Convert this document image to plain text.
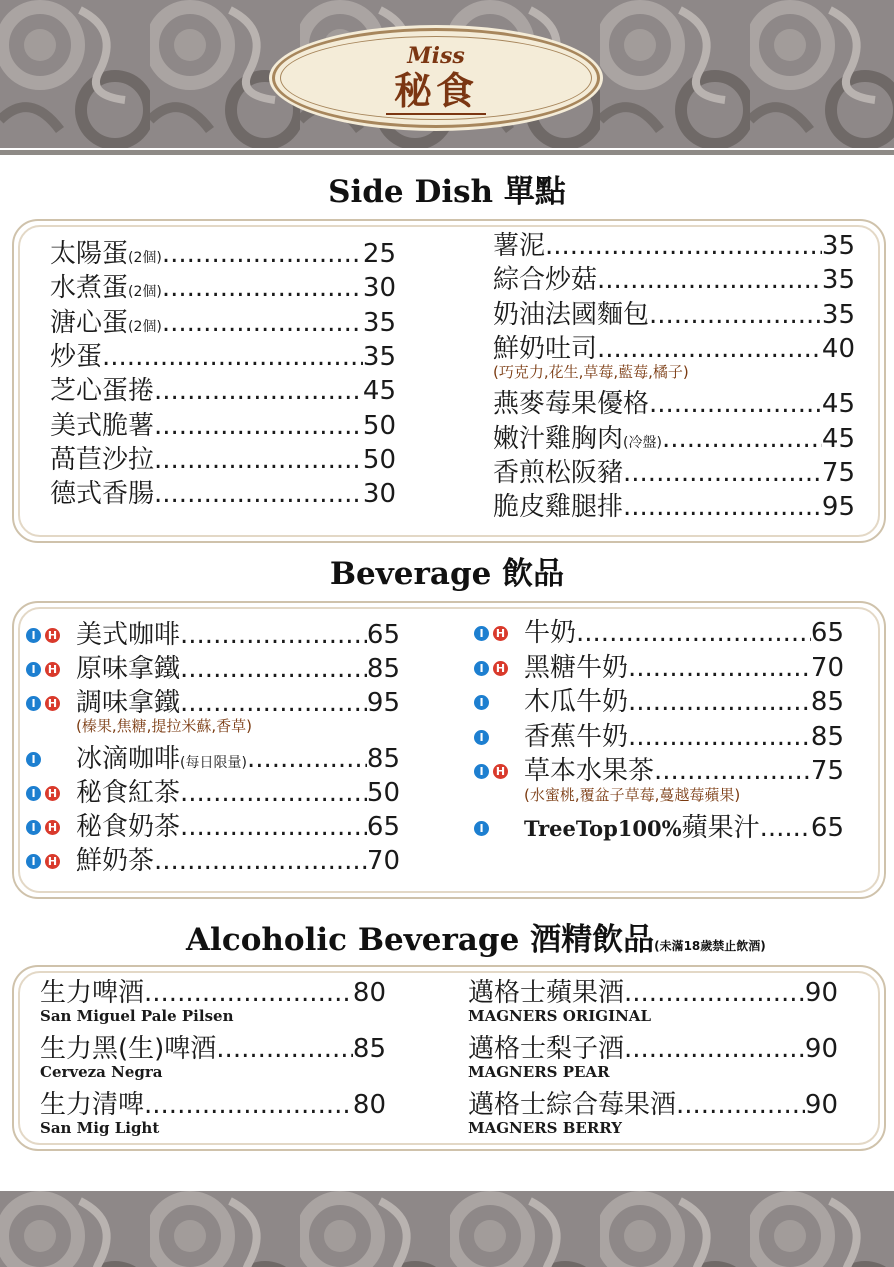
Miss
秘食
Side Dish 單點
太陽蛋 (2個) .....	25
水煮蛋 (2個) .....	30
溏心蛋 (2個) .....	35
炒蛋 .....	35
芝心蛋捲 .....	45
美式脆薯 .....	50
萵苣沙拉 .....	50
德式香腸 .....	30
薯泥 .....	35
綜合炒菇 .....	35
奶油法國麵包 .....	35
鮮奶吐司 .....	40
(巧克力,花生,草莓,藍莓,橘子)
燕麥莓果優格 .....	45
嫩汁雞胸肉 (冷盤) .....	45
香煎松阪豬 .....	75
脆皮雞腿排 .....	95
Beverage 飲品
I	H 美式咖啡 .....	65
I	H 原味拿鐵 .....	85
I	H 調味拿鐵 .....	95
(榛果,焦糖,提拉米蘇,香草)
I 冰滴咖啡 (每日限量) .....	85
I	H 秘食紅茶 .....	50
I	H 秘食奶茶 .....	65
I	H 鮮奶茶 .....	70
I	H 牛奶 .....	65
I	H 黑糖牛奶 .....	70
I 木瓜牛奶 .....	85
I 香蕉牛奶 .....	85
I	H 草本水果茶 .....	75
(水蜜桃,覆盆子草莓,蔓越莓蘋果)
I TreeTop100% 蘋果汁 ..... 65
Alcoholic Beverage 酒精飲品(未滿18歲禁止飲酒)
生力啤酒 .....	80
San Miguel Pale Pilsen
生力黑(生)啤酒 .....	85
Cerveza Negra
生力清啤 .....	80
San Mig Light
邁格士蘋果酒 .....	90
MAGNERS ORIGINAL
邁格士梨子酒 .....	90
MAGNERS PEAR
邁格士綜合莓果酒 .....	90
MAGNERS BERRY
